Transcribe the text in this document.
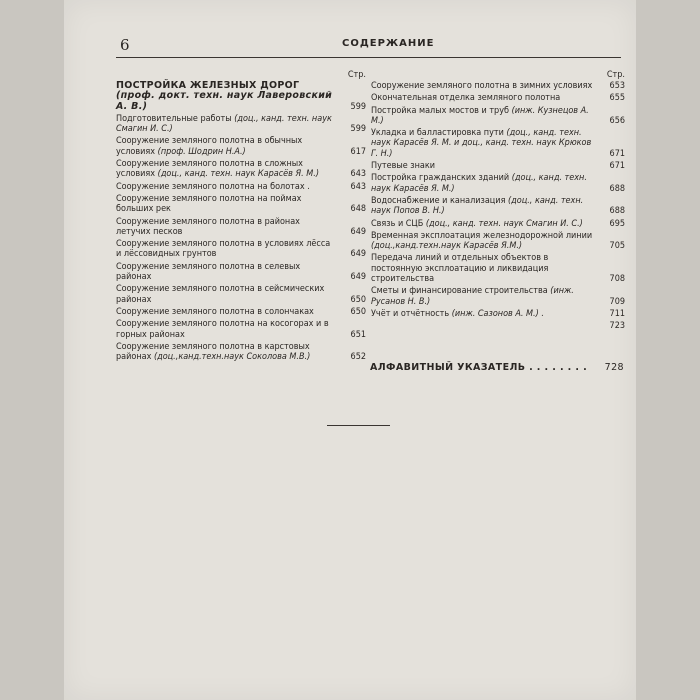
6	СОДЕРЖАНИЕ
Стр.
ПОСТРОЙКА ЖЕЛЕЗНЫХ ДОРОГ (проф. докт. техн. наук Лаверовский А. В.)	599
Подготовительные работы (доц., канд. техн. наук Смагин И. С.)	599
Сооружение земляного полотна в обычных условиях (проф. Шодрин Н.А.)	617
Сооружение земляного полотна в сложных условиях (доц., канд. техн. наук Карасёв Я. М.)	643
Сооружение земляного полотна на болотах .	643
Сооружение земляного полотна на поймах больших рек	648
Сооружение земляного полотна в районах летучих песков	649
Сооружение земляного полотна в условиях лёсса и лёссовидных грунтов	649
Сооружение земляного полотна в селевых районах	649
Сооружение земляного полотна в сейсмических районах	650
Сооружение земляного полотна в солончаках	650
Сооружение земляного полотна на косогорах и в горных районах	651
Сооружение земляного полотна в карстовых районах (доц.,канд.техн.наук Соколова М.В.)	652
Стр.
Сооружение земляного полотна в зимних условиях	653
Окончательная отделка земляного полотна	655
Постройка малых мостов и труб (инж. Кузнецов А. М.)	656
Укладка и балластировка пути (доц., канд. техн. наук Карасёв Я. М. и доц., канд. техн. наук Крюков Г. Н.)	671
Путевые знаки	671
Постройка гражданских зданий (доц., канд. техн. наук Карасёв Я. М.)	688
Водоснабжение и канализация (доц., канд. техн. наук Попов В. Н.)	688
Связь и СЦБ (доц., канд. техн. наук Смагин И. С.)	695
Временная эксплоатация железнодорожной линии (доц.,канд.техн.наук Карасёв Я.М.)	705
Передача линий и отдельных объектов в постоянную эксплоатацию и ликвидация строительства	708
Сметы и финансирование строительства (инж. Русанов Н. В.)	709
Учёт и отчётность (инж. Сазонов А. М.) .	711

723
АЛФАВИТНЫЙ УКАЗАТЕЛЬ . . . . . . . . 728
